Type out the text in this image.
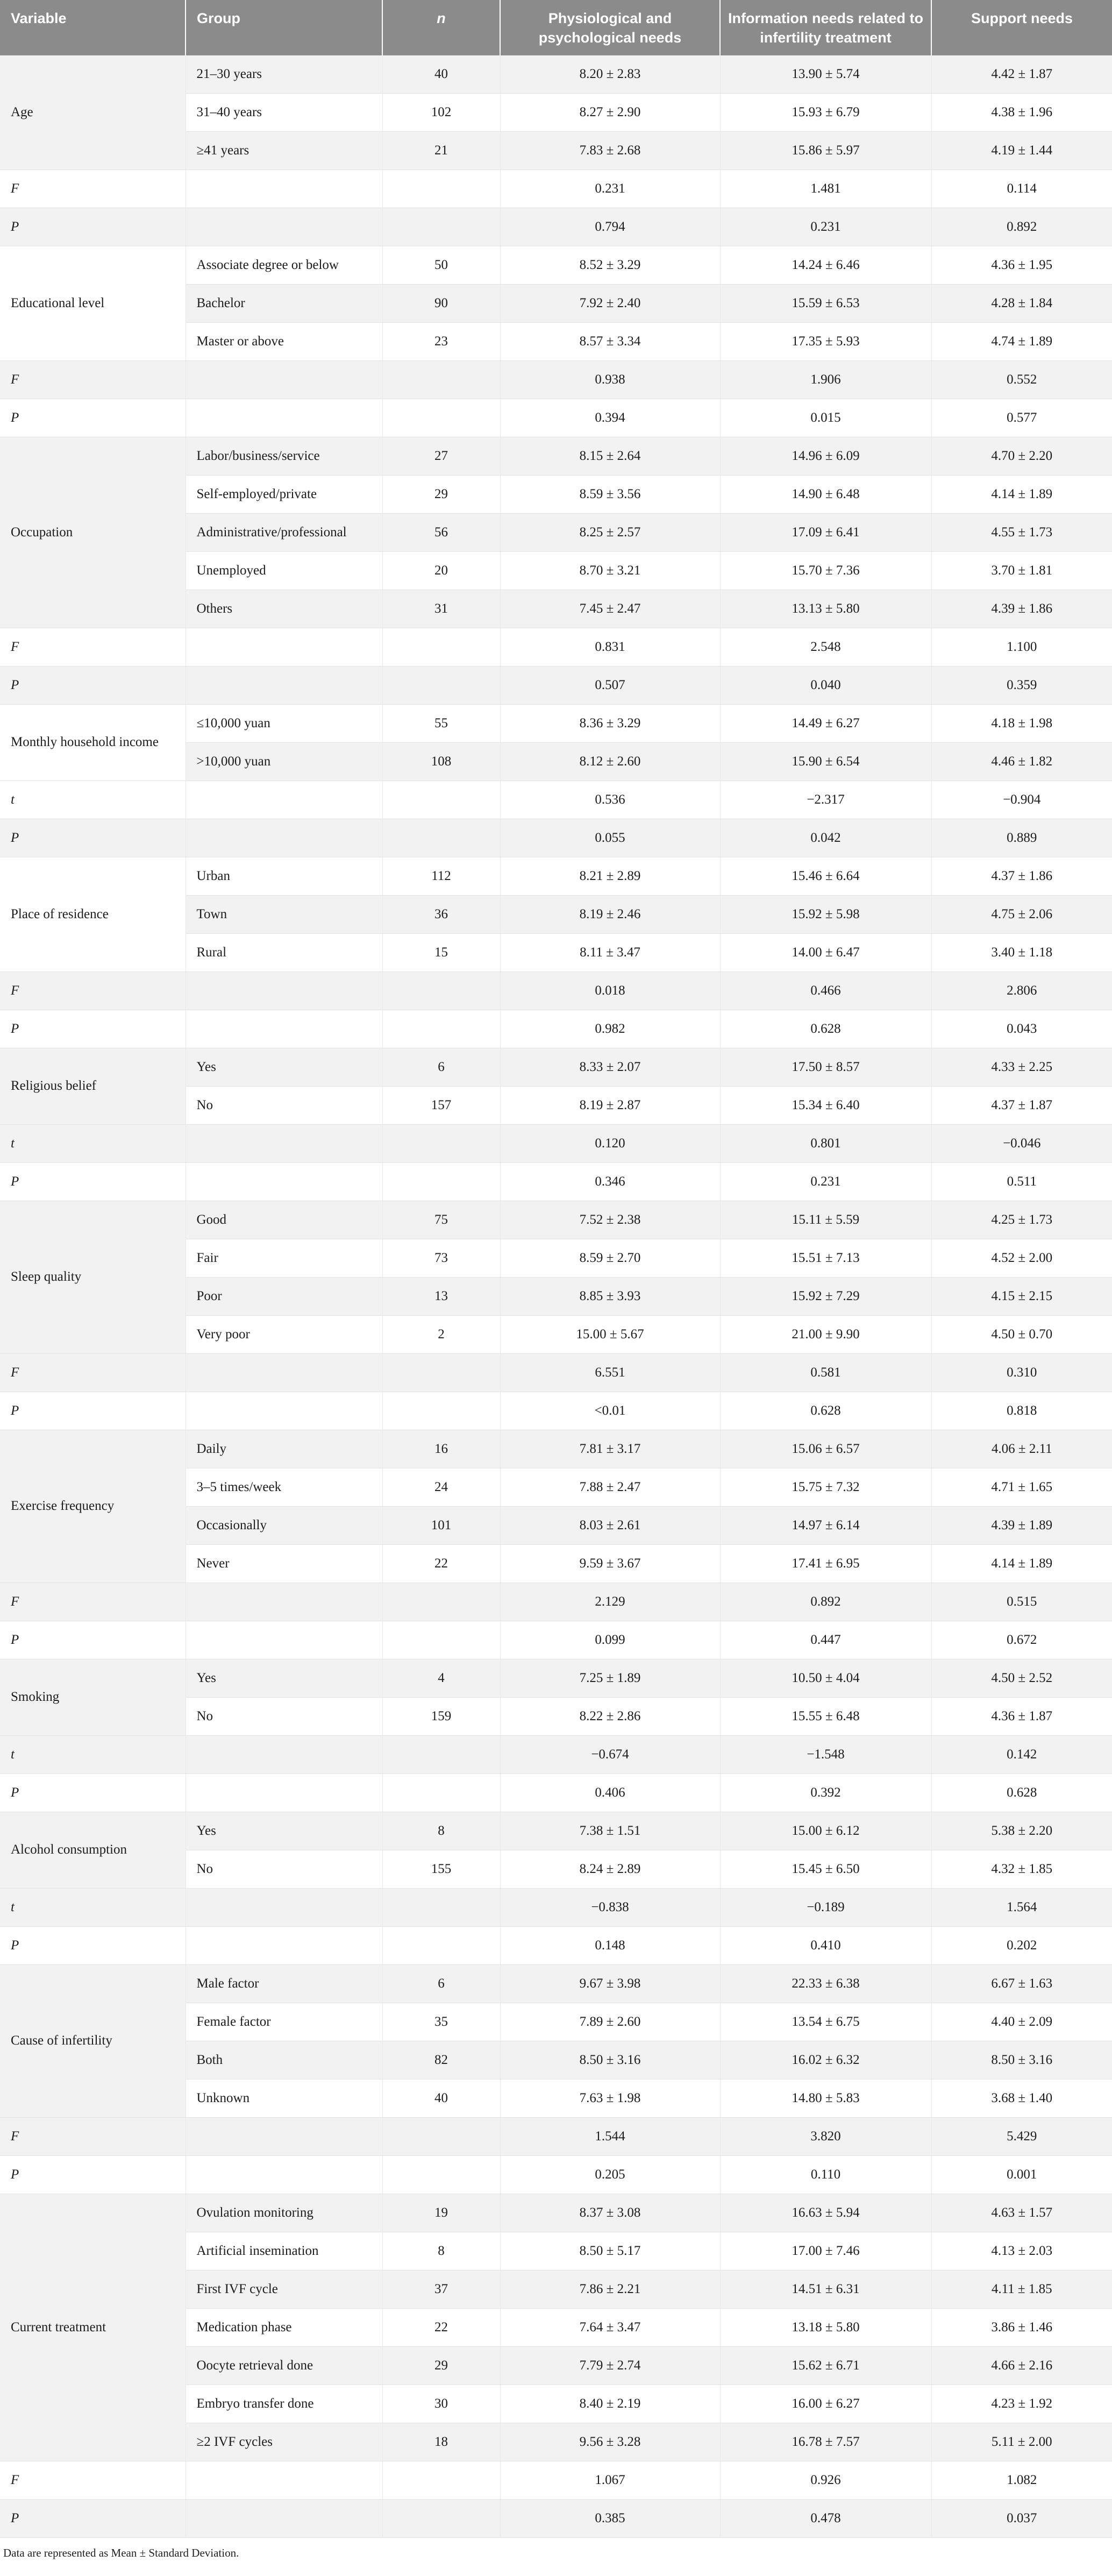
Variable	Group	n	Physiological and psychological needs	Information needs related to infertility treatment	Support needs
Age	21–30 years	40	8.20 ± 2.83	13.90 ± 5.74	4.42 ± 1.87
	31–40 years	102	8.27 ± 2.90	15.93 ± 6.79	4.38 ± 1.96
	≥41 years	21	7.83 ± 2.68	15.86 ± 5.97	4.19 ± 1.44
F			0.231	1.481	0.114
P			0.794	0.231	0.892
Educational level	Associate degree or below	50	8.52 ± 3.29	14.24 ± 6.46	4.36 ± 1.95
	Bachelor	90	7.92 ± 2.40	15.59 ± 6.53	4.28 ± 1.84
	Master or above	23	8.57 ± 3.34	17.35 ± 5.93	4.74 ± 1.89
F			0.938	1.906	0.552
P			0.394	0.015	0.577
Occupation	Labor/business/service	27	8.15 ± 2.64	14.96 ± 6.09	4.70 ± 2.20
	Self-employed/private	29	8.59 ± 3.56	14.90 ± 6.48	4.14 ± 1.89
	Administrative/professional	56	8.25 ± 2.57	17.09 ± 6.41	4.55 ± 1.73
	Unemployed	20	8.70 ± 3.21	15.70 ± 7.36	3.70 ± 1.81
	Others	31	7.45 ± 2.47	13.13 ± 5.80	4.39 ± 1.86
F			0.831	2.548	1.100
P			0.507	0.040	0.359
Monthly household income	≤10,000 yuan	55	8.36 ± 3.29	14.49 ± 6.27	4.18 ± 1.98
	>10,000 yuan	108	8.12 ± 2.60	15.90 ± 6.54	4.46 ± 1.82
t			0.536	−2.317	−0.904
P			0.055	0.042	0.889
Place of residence	Urban	112	8.21 ± 2.89	15.46 ± 6.64	4.37 ± 1.86
	Town	36	8.19 ± 2.46	15.92 ± 5.98	4.75 ± 2.06
	Rural	15	8.11 ± 3.47	14.00 ± 6.47	3.40 ± 1.18
F			0.018	0.466	2.806
P			0.982	0.628	0.043
Religious belief	Yes	6	8.33 ± 2.07	17.50 ± 8.57	4.33 ± 2.25
	No	157	8.19 ± 2.87	15.34 ± 6.40	4.37 ± 1.87
t			0.120	0.801	−0.046
P			0.346	0.231	0.511
Sleep quality	Good	75	7.52 ± 2.38	15.11 ± 5.59	4.25 ± 1.73
	Fair	73	8.59 ± 2.70	15.51 ± 7.13	4.52 ± 2.00
	Poor	13	8.85 ± 3.93	15.92 ± 7.29	4.15 ± 2.15
	Very poor	2	15.00 ± 5.67	21.00 ± 9.90	4.50 ± 0.70
F			6.551	0.581	0.310
P			<0.01	0.628	0.818
Exercise frequency	Daily	16	7.81 ± 3.17	15.06 ± 6.57	4.06 ± 2.11
	3–5 times/week	24	7.88 ± 2.47	15.75 ± 7.32	4.71 ± 1.65
	Occasionally	101	8.03 ± 2.61	14.97 ± 6.14	4.39 ± 1.89
	Never	22	9.59 ± 3.67	17.41 ± 6.95	4.14 ± 1.89
F			2.129	0.892	0.515
P			0.099	0.447	0.672
Smoking	Yes	4	7.25 ± 1.89	10.50 ± 4.04	4.50 ± 2.52
	No	159	8.22 ± 2.86	15.55 ± 6.48	4.36 ± 1.87
t			−0.674	−1.548	0.142
P			0.406	0.392	0.628
Alcohol consumption	Yes	8	7.38 ± 1.51	15.00 ± 6.12	5.38 ± 2.20
	No	155	8.24 ± 2.89	15.45 ± 6.50	4.32 ± 1.85
t			−0.838	−0.189	1.564
P			0.148	0.410	0.202
Cause of infertility	Male factor	6	9.67 ± 3.98	22.33 ± 6.38	6.67 ± 1.63
	Female factor	35	7.89 ± 2.60	13.54 ± 6.75	4.40 ± 2.09
	Both	82	8.50 ± 3.16	16.02 ± 6.32	8.50 ± 3.16
	Unknown	40	7.63 ± 1.98	14.80 ± 5.83	3.68 ± 1.40
F			1.544	3.820	5.429
P			0.205	0.110	0.001
Current treatment	Ovulation monitoring	19	8.37 ± 3.08	16.63 ± 5.94	4.63 ± 1.57
	Artificial insemination	8	8.50 ± 5.17	17.00 ± 7.46	4.13 ± 2.03
	First IVF cycle	37	7.86 ± 2.21	14.51 ± 6.31	4.11 ± 1.85
	Medication phase	22	7.64 ± 3.47	13.18 ± 5.80	3.86 ± 1.46
	Oocyte retrieval done	29	7.79 ± 2.74	15.62 ± 6.71	4.66 ± 2.16
	Embryo transfer done	30	8.40 ± 2.19	16.00 ± 6.27	4.23 ± 1.92
	≥2 IVF cycles	18	9.56 ± 3.28	16.78 ± 7.57	5.11 ± 2.00
F			1.067	0.926	1.082
P			0.385	0.478	0.037
Data are represented as Mean ± Standard Deviation.
